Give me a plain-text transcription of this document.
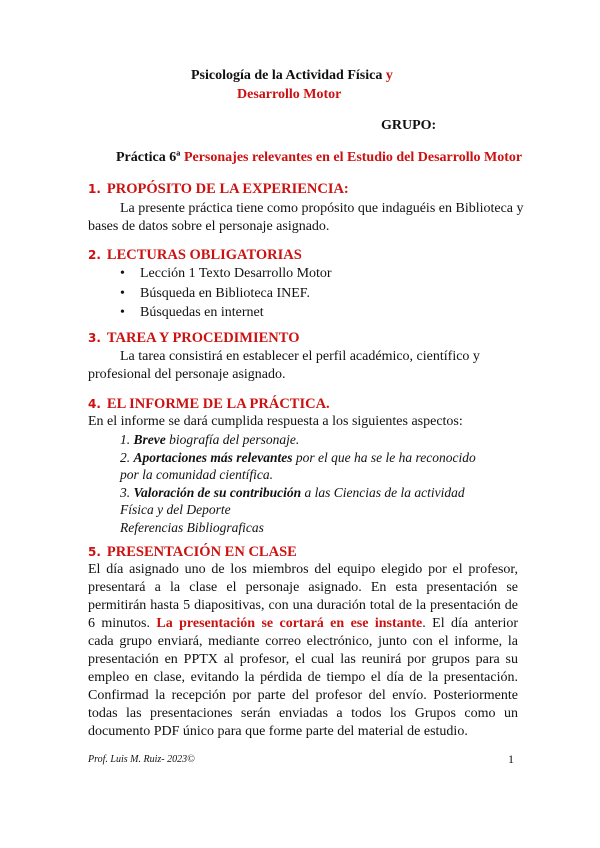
Psicología de la Actividad Física y
Desarrollo Motor
GRUPO:
Práctica 6ª Personajes relevantes en el Estudio del Desarrollo Motor
1. PROPÓSITO DE LA EXPERIENCIA:
La presente práctica tiene como propósito que indaguéis en Biblioteca y
bases de datos sobre el personaje asignado.
2. LECTURAS OBLIGATORIAS
• Lección 1 Texto Desarrollo Motor
• Búsqueda en Biblioteca INEF.
• Búsquedas en internet
3. TAREA Y PROCEDIMIENTO
La tarea consistirá en establecer el perfil académico, científico y
profesional del personaje asignado.
4. EL INFORME DE LA PRÁCTICA.
En el informe se dará cumplida respuesta a los siguientes aspectos:
1. Breve biografía del personaje.
2. Aportaciones más relevantes por el que ha se le ha reconocido
por la comunidad científica.
3. Valoración de su contribución a las Ciencias de la actividad
Física y del Deporte
Referencias Bibliograficas
5. PRESENTACIÓN EN CLASE
El día asignado uno de los miembros del equipo elegido por el profesor,
presentará a la clase el personaje asignado. En esta presentación se
permitirán hasta 5 diapositivas, con una duración total de la presentación de
6 minutos. La presentación se cortará en ese instante. El día anterior
cada grupo enviará, mediante correo electrónico, junto con el informe, la
presentación en PPTX al profesor, el cual las reunirá por grupos para su
empleo en clase, evitando la pérdida de tiempo el día de la presentación.
Confirmad la recepción por parte del profesor del envío. Posteriormente
todas las presentaciones serán enviadas a todos los Grupos como un
documento PDF único para que forme parte del material de estudio.
Prof. Luis M. Ruiz- 2023©	1
